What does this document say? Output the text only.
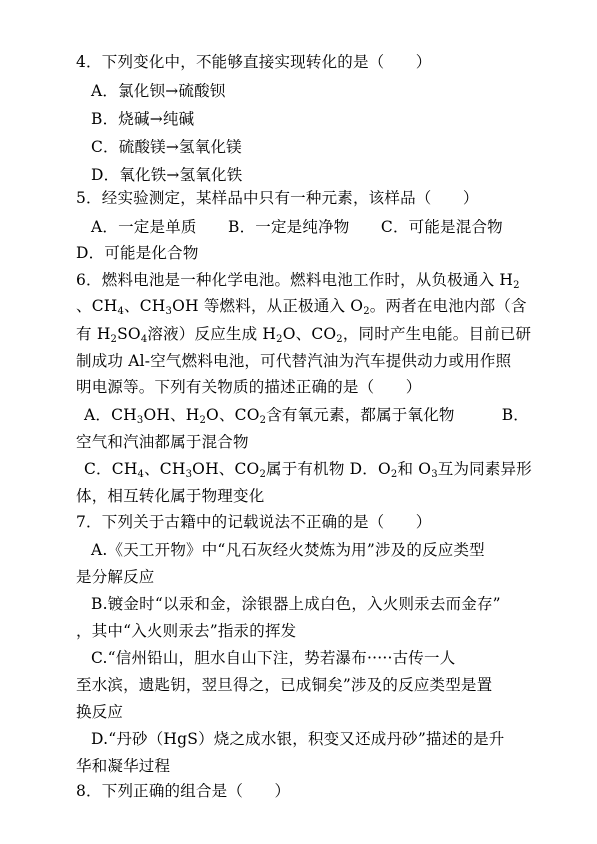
4．下列变化中，不能够直接实现转化的是（　　）
A．氯化钡→硫酸钡
B．烧碱→纯碱
C．硫酸镁→氢氧化镁
D．氧化铁→氢氧化铁
5．经实验测定，某样品中只有一种元素，该样品（　　）
A．一定是单质　　B．一定是纯净物　　C．可能是混合物
D．可能是化合物
6．燃料电池是一种化学电池。燃料电池工作时，从负极通入 $H_2$
、$CH_4$、$CH_3OH$ 等燃料，从正极通入 $O_2$。两者在电池内部（含
有 $H_2SO_4$溶液）反应生成 $H_2O$、$CO_2$，同时产生电能。目前已研
制成功 Al-空气燃料电池，可代替汽油为汽车提供动力或用作照
明电源等。下列有关物质的描述正确的是（　　）
A．$CH_3OH$、$H_2O$、$CO_2$含有氧元素，都属于氧化物　　　B．
空气和汽油都属于混合物
C．$CH_4$、$CH_3OH$、$CO_2$属于有机物 D．$O_2$和 $O_3$互为同素异形
体，相互转化属于物理变化
7．下列关于古籍中的记载说法不正确的是（　　）
A.《天工开物》中“凡石灰经火焚炼为用”涉及的反应类型
是分解反应
B.镀金时“以汞和金，涂银器上成白色，入火则汞去而金存”
，其中“入火则汞去”指汞的挥发
C.“信州铅山，胆水自山下注，势若瀑布·····古传一人
至水滨，遗匙钥，翌旦得之，已成铜矣”涉及的反应类型是置
换反应
D.“丹砂（HgS）烧之成水银，积变又还成丹砂”描述的是升
华和凝华过程
8．下列正确的组合是（　　）
